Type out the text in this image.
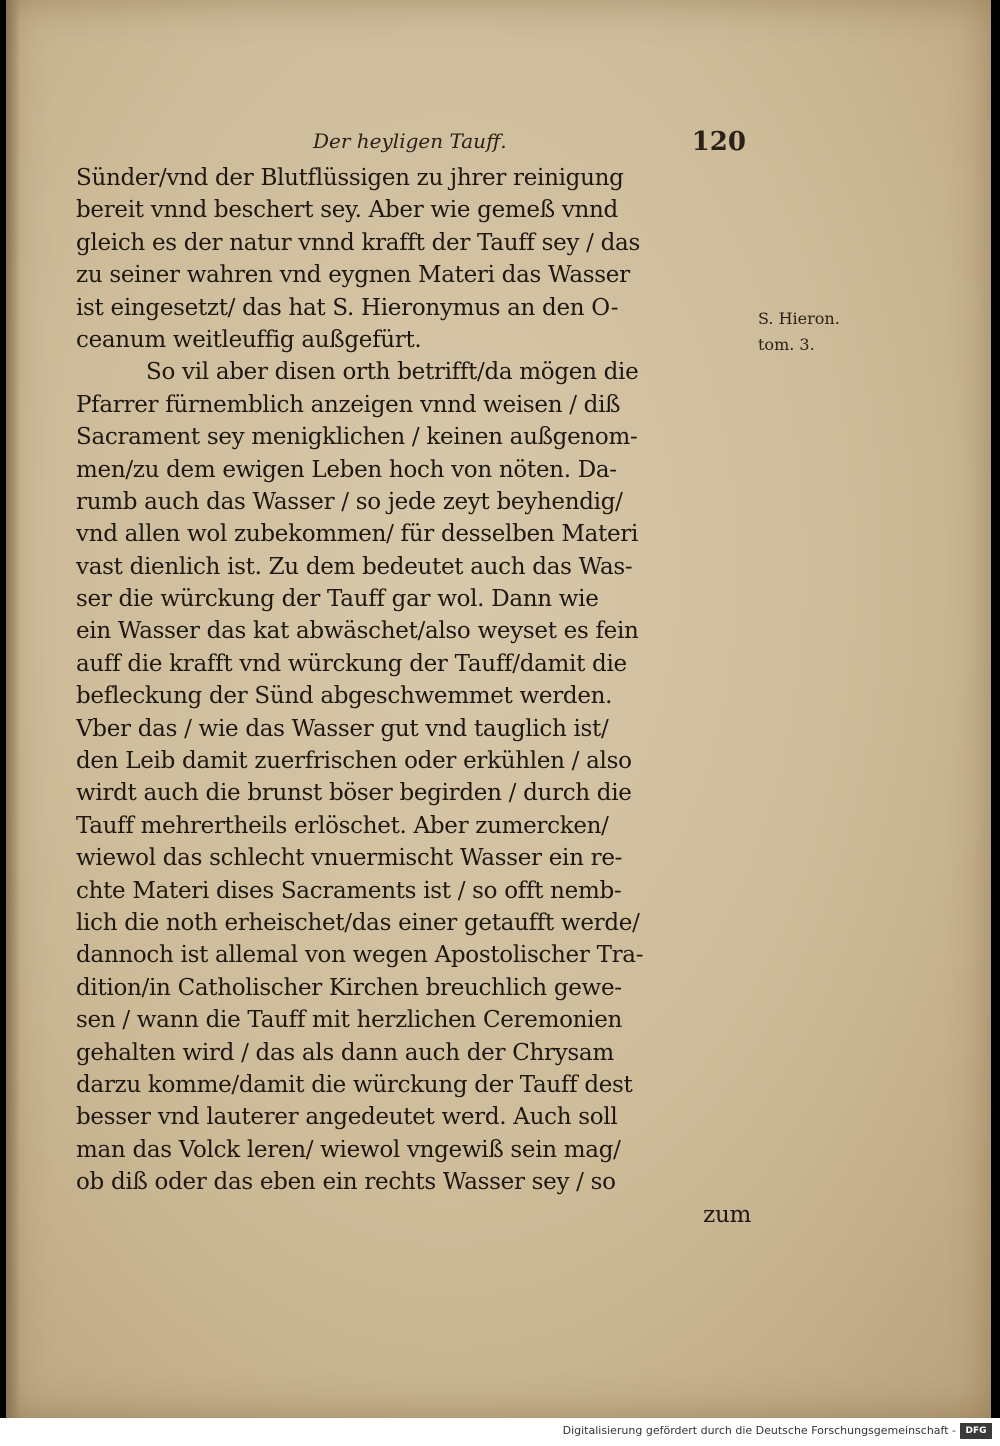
Der heyligen Tauff.	120
Sünder/vnd der Blutflüssigen zu jhrer reinigung
bereit vnnd beschert sey. Aber wie gemeß vnnd
gleich es der natur vnnd krafft der Tauff sey / das
zu seiner wahren vnd eygnen Materi das Wasser
ist eingesetzt/ das hat S. Hieronymus an den O-
ceanum weitleuffig außgefürt.
So vil aber disen orth betrifft/da mögen die
Pfarrer fürnemblich anzeigen vnnd weisen / diß
Sacrament sey menigklichen / keinen außgenom-
men/zu dem ewigen Leben hoch von nöten. Da-
rumb auch das Wasser / so jede zeyt beyhendig/
vnd allen wol zubekommen/ für desselben Materi
vast dienlich ist. Zu dem bedeutet auch das Was-
ser die würckung der Tauff gar wol. Dann wie
ein Wasser das kat abwäschet/also weyset es fein
auff die krafft vnd würckung der Tauff/damit die
befleckung der Sünd abgeschwemmet werden.
Vber das / wie das Wasser gut vnd tauglich ist/
den Leib damit zuerfrischen oder erkühlen / also
wirdt auch die brunst böser begirden / durch die
Tauff mehrertheils erlöschet. Aber zumercken/
wiewol das schlecht vnuermischt Wasser ein re-
chte Materi dises Sacraments ist / so offt nemb-
lich die noth erheischet/das einer getaufft werde/
dannoch ist allemal von wegen Apostolischer Tra-
dition/in Catholischer Kirchen breuchlich gewe-
sen / wann die Tauff mit herzlichen Ceremonien
gehalten wird / das als dann auch der Chrysam
darzu komme/damit die würckung der Tauff dest
besser vnd lauterer angedeutet werd. Auch soll
man das Volck leren/ wiewol vngewiß sein mag/
ob diß oder das eben ein rechts Wasser sey / so
zum
S. Hieron.
tom. 3.
Digitalisierung gefördert durch die Deutsche Forschungsgemeinschaft -	DFG
